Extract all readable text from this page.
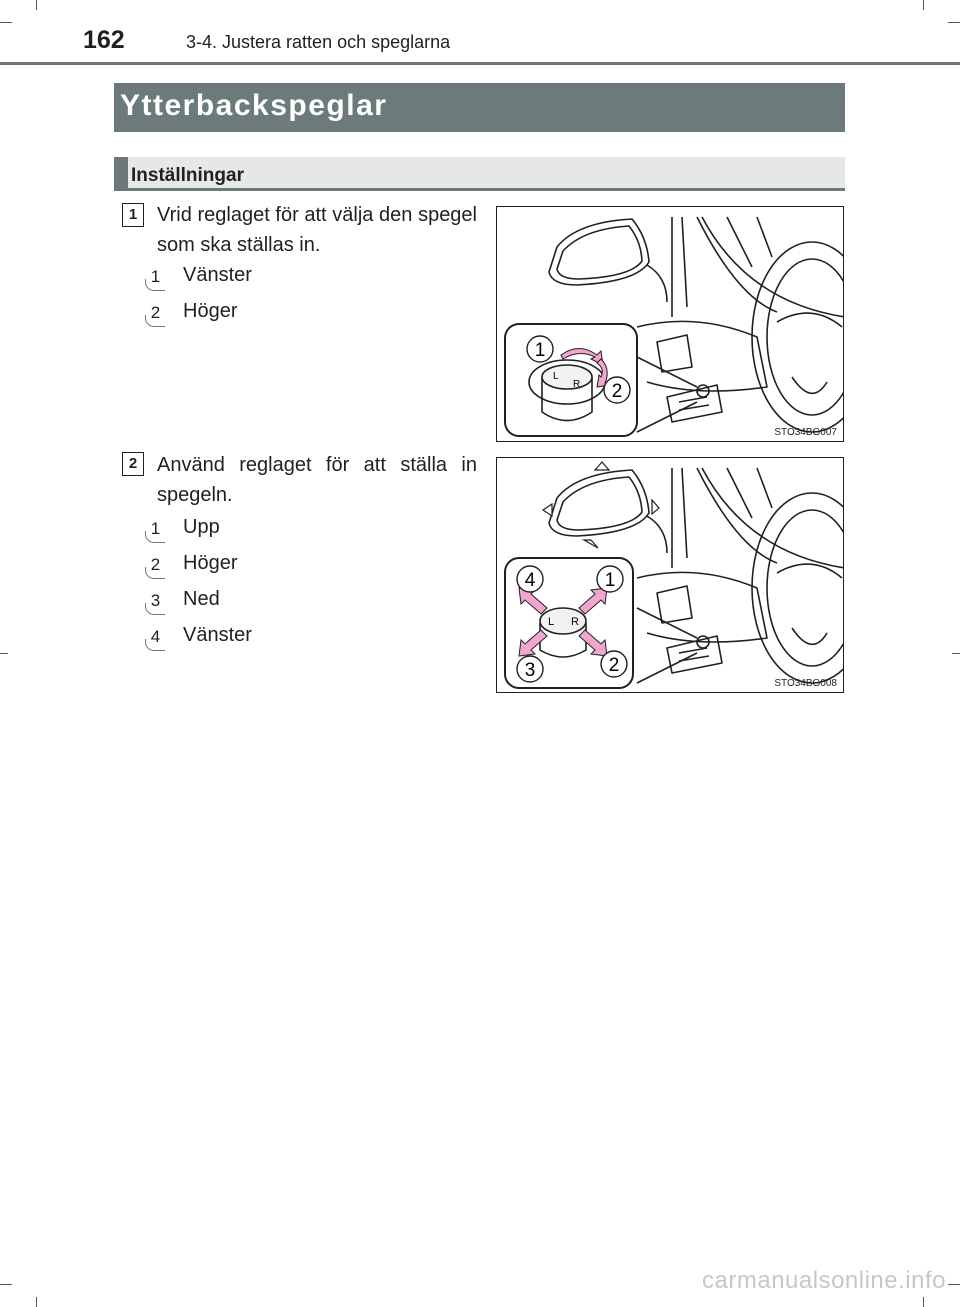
162	3-4. Justera ratten och speglarna
Ytterbackspeglar
Inställningar
1 Vrid reglaget för att välja den spegel som ska ställas in.
1	Vänster
2	Höger
L
R
1
2
STO34BG007
2 Använd reglaget för att ställa in spegeln.
1	Upp
2	Höger
3	Ned
4	Vänster
L R
4	1
3	2
STO34BG008
carmanualsonline.info
